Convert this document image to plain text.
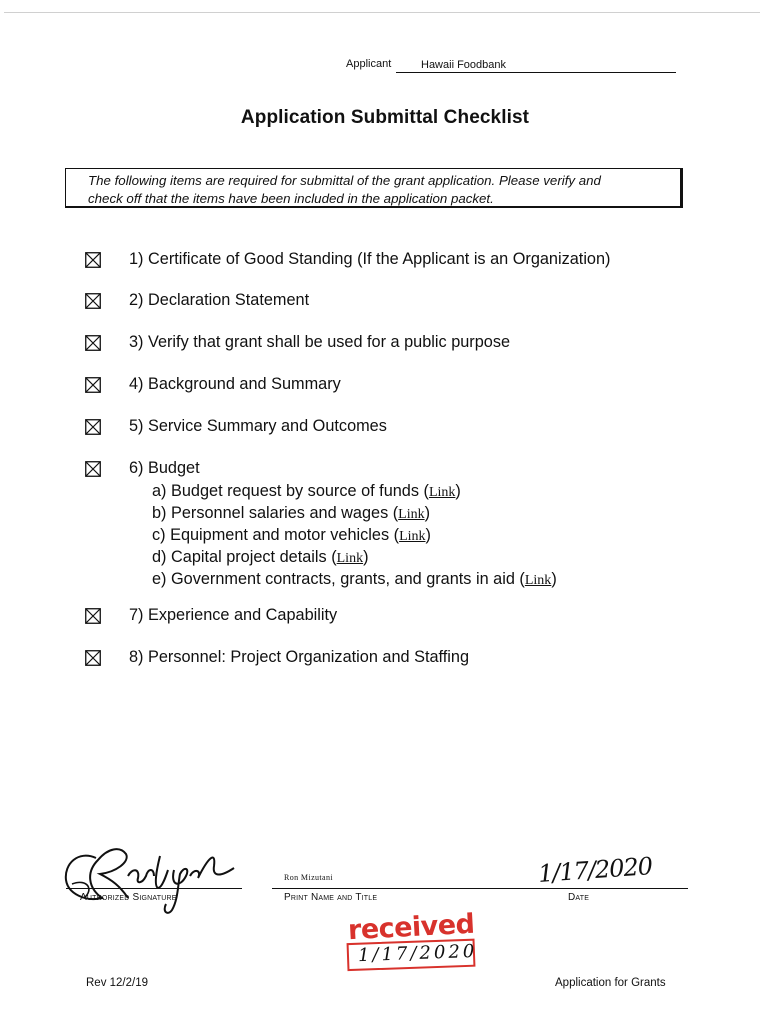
Applicant	Hawaii Foodbank
Application Submittal Checklist
The following items are required for submittal of the grant application. Please verify and
check off that the items have been included in the application packet.
1) Certificate of Good Standing (If the Applicant is an Organization)
2) Declaration Statement
3) Verify that grant shall be used for a public purpose
4) Background and Summary
5) Service Summary and Outcomes
6) Budget
a) Budget request by source of funds (Link)
b) Personnel salaries and wages (Link)
c) Equipment and motor vehicles (Link)
d) Capital project details (Link)
e) Government contracts, grants, and grants in aid (Link)
7) Experience and Capability
8) Personnel: Project Organization and Staffing
Authorized Signature
Ron Mizutani
Print Name and Title
1/17/2020
Date
received
1/17/2020
Rev 12/2/19	Application for Grants
